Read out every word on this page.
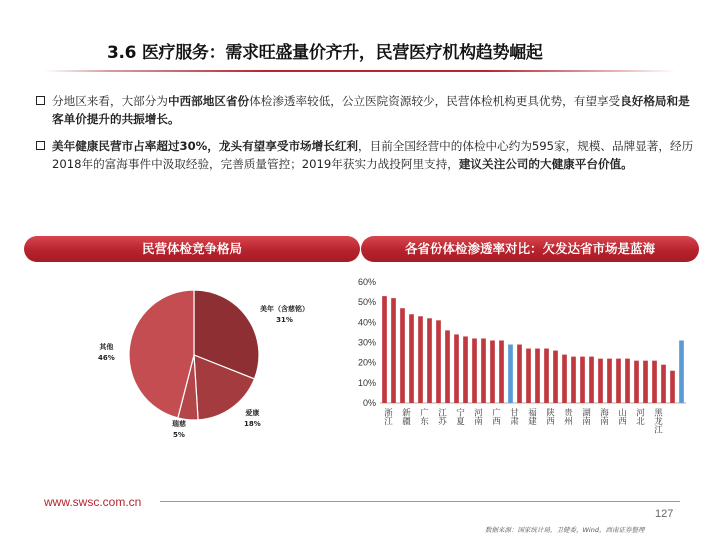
3.6 医疗服务：需求旺盛量价齐升，民营医疗机构趋势崛起
分地区来看，大部分为中西部地区省份体检渗透率较低，公立医院资源较少，民营体检机构更具优势，有望享受良好格局和是客单价提升的共振增长。
美年健康民营市占率超过30%，龙头有望享受市场增长红利，目前全国经营中的体检中心约为595家，规模、品牌显著，经历2018年的富海事件中汲取经验，完善质量管控；2019年获实力战投阿里支持，建议关注公司的大健康平台价值。
民营体检竞争格局	各省份体检渗透率对比：欠发达省市场是蓝海
美年（含慈铭）
31%
爱康
18%
瑞慈
5%
其他
46%
0%
10%
20%
30%
40%
50%
60%
浙江 新疆 广东 江苏 宁夏 河南 广西 甘肃 福建 陕西 贵州 湖南 海南 山西 河北 黑龙江
www.swsc.com.cn
127
数据来源：国家统计局，卫健委，Wind，西南证券整理
